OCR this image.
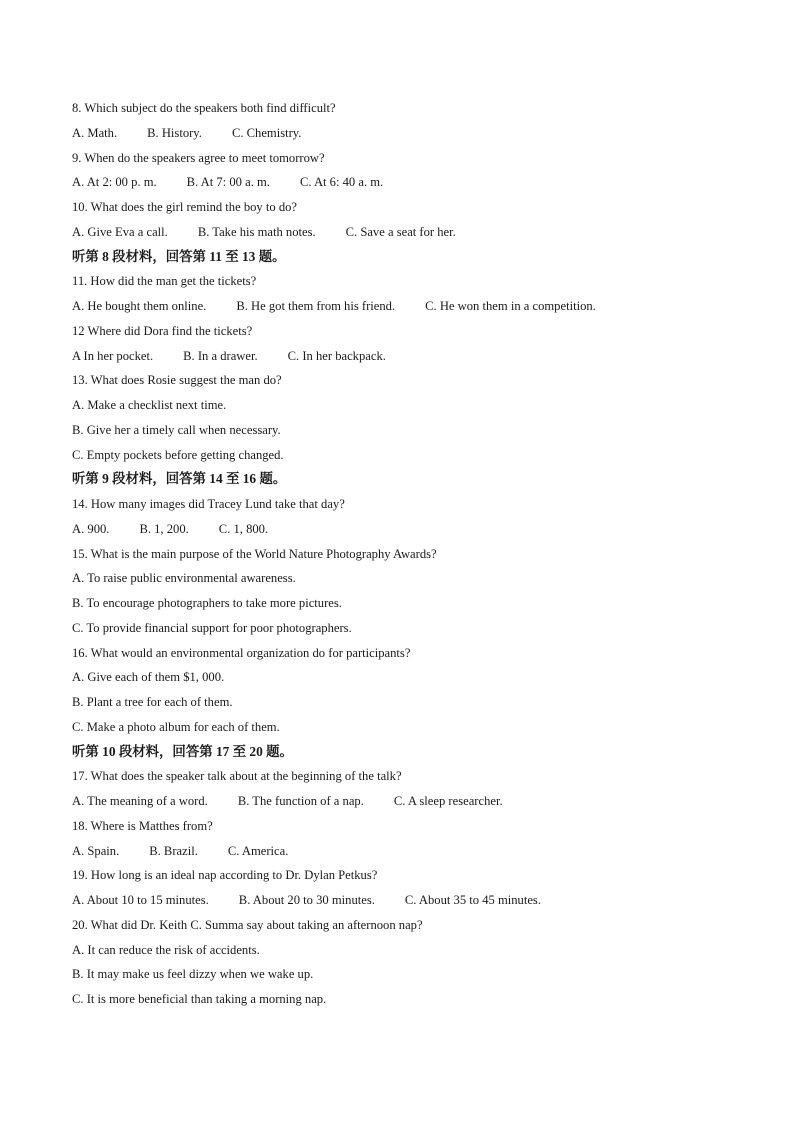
8. Which subject do the speakers both find difficult?
A. Math. B. History. C. Chemistry.
9. When do the speakers agree to meet tomorrow?
A. At 2: 00 p. m. B. At 7: 00 a. m. C. At 6: 40 a. m.
10. What does the girl remind the boy to do?
A. Give Eva a call. B. Take his math notes. C. Save a seat for her.
听第 8 段材料，回答第 11 至 13 题。
11. How did the man get the tickets?
A. He bought them online. B. He got them from his friend. C. He won them in a competition.
12 Where did Dora find the tickets?
A In her pocket. B. In a drawer. C. In her backpack.
13. What does Rosie suggest the man do?
A. Make a checklist next time.
B. Give her a timely call when necessary.
C. Empty pockets before getting changed.
听第 9 段材料，回答第 14 至 16 题。
14. How many images did Tracey Lund take that day?
A. 900. B. 1, 200. C. 1, 800.
15. What is the main purpose of the World Nature Photography Awards?
A. To raise public environmental awareness.
B. To encourage photographers to take more pictures.
C. To provide financial support for poor photographers.
16. What would an environmental organization do for participants?
A. Give each of them $1, 000.
B. Plant a tree for each of them.
C. Make a photo album for each of them.
听第 10 段材料，回答第 17 至 20 题。
17. What does the speaker talk about at the beginning of the talk?
A. The meaning of a word. B. The function of a nap. C. A sleep researcher.
18. Where is Matthes from?
A. Spain. B. Brazil. C. America.
19. How long is an ideal nap according to Dr. Dylan Petkus?
A. About 10 to 15 minutes. B. About 20 to 30 minutes. C. About 35 to 45 minutes.
20. What did Dr. Keith C. Summa say about taking an afternoon nap?
A. It can reduce the risk of accidents.
B. It may make us feel dizzy when we wake up.
C. It is more beneficial than taking a morning nap.
